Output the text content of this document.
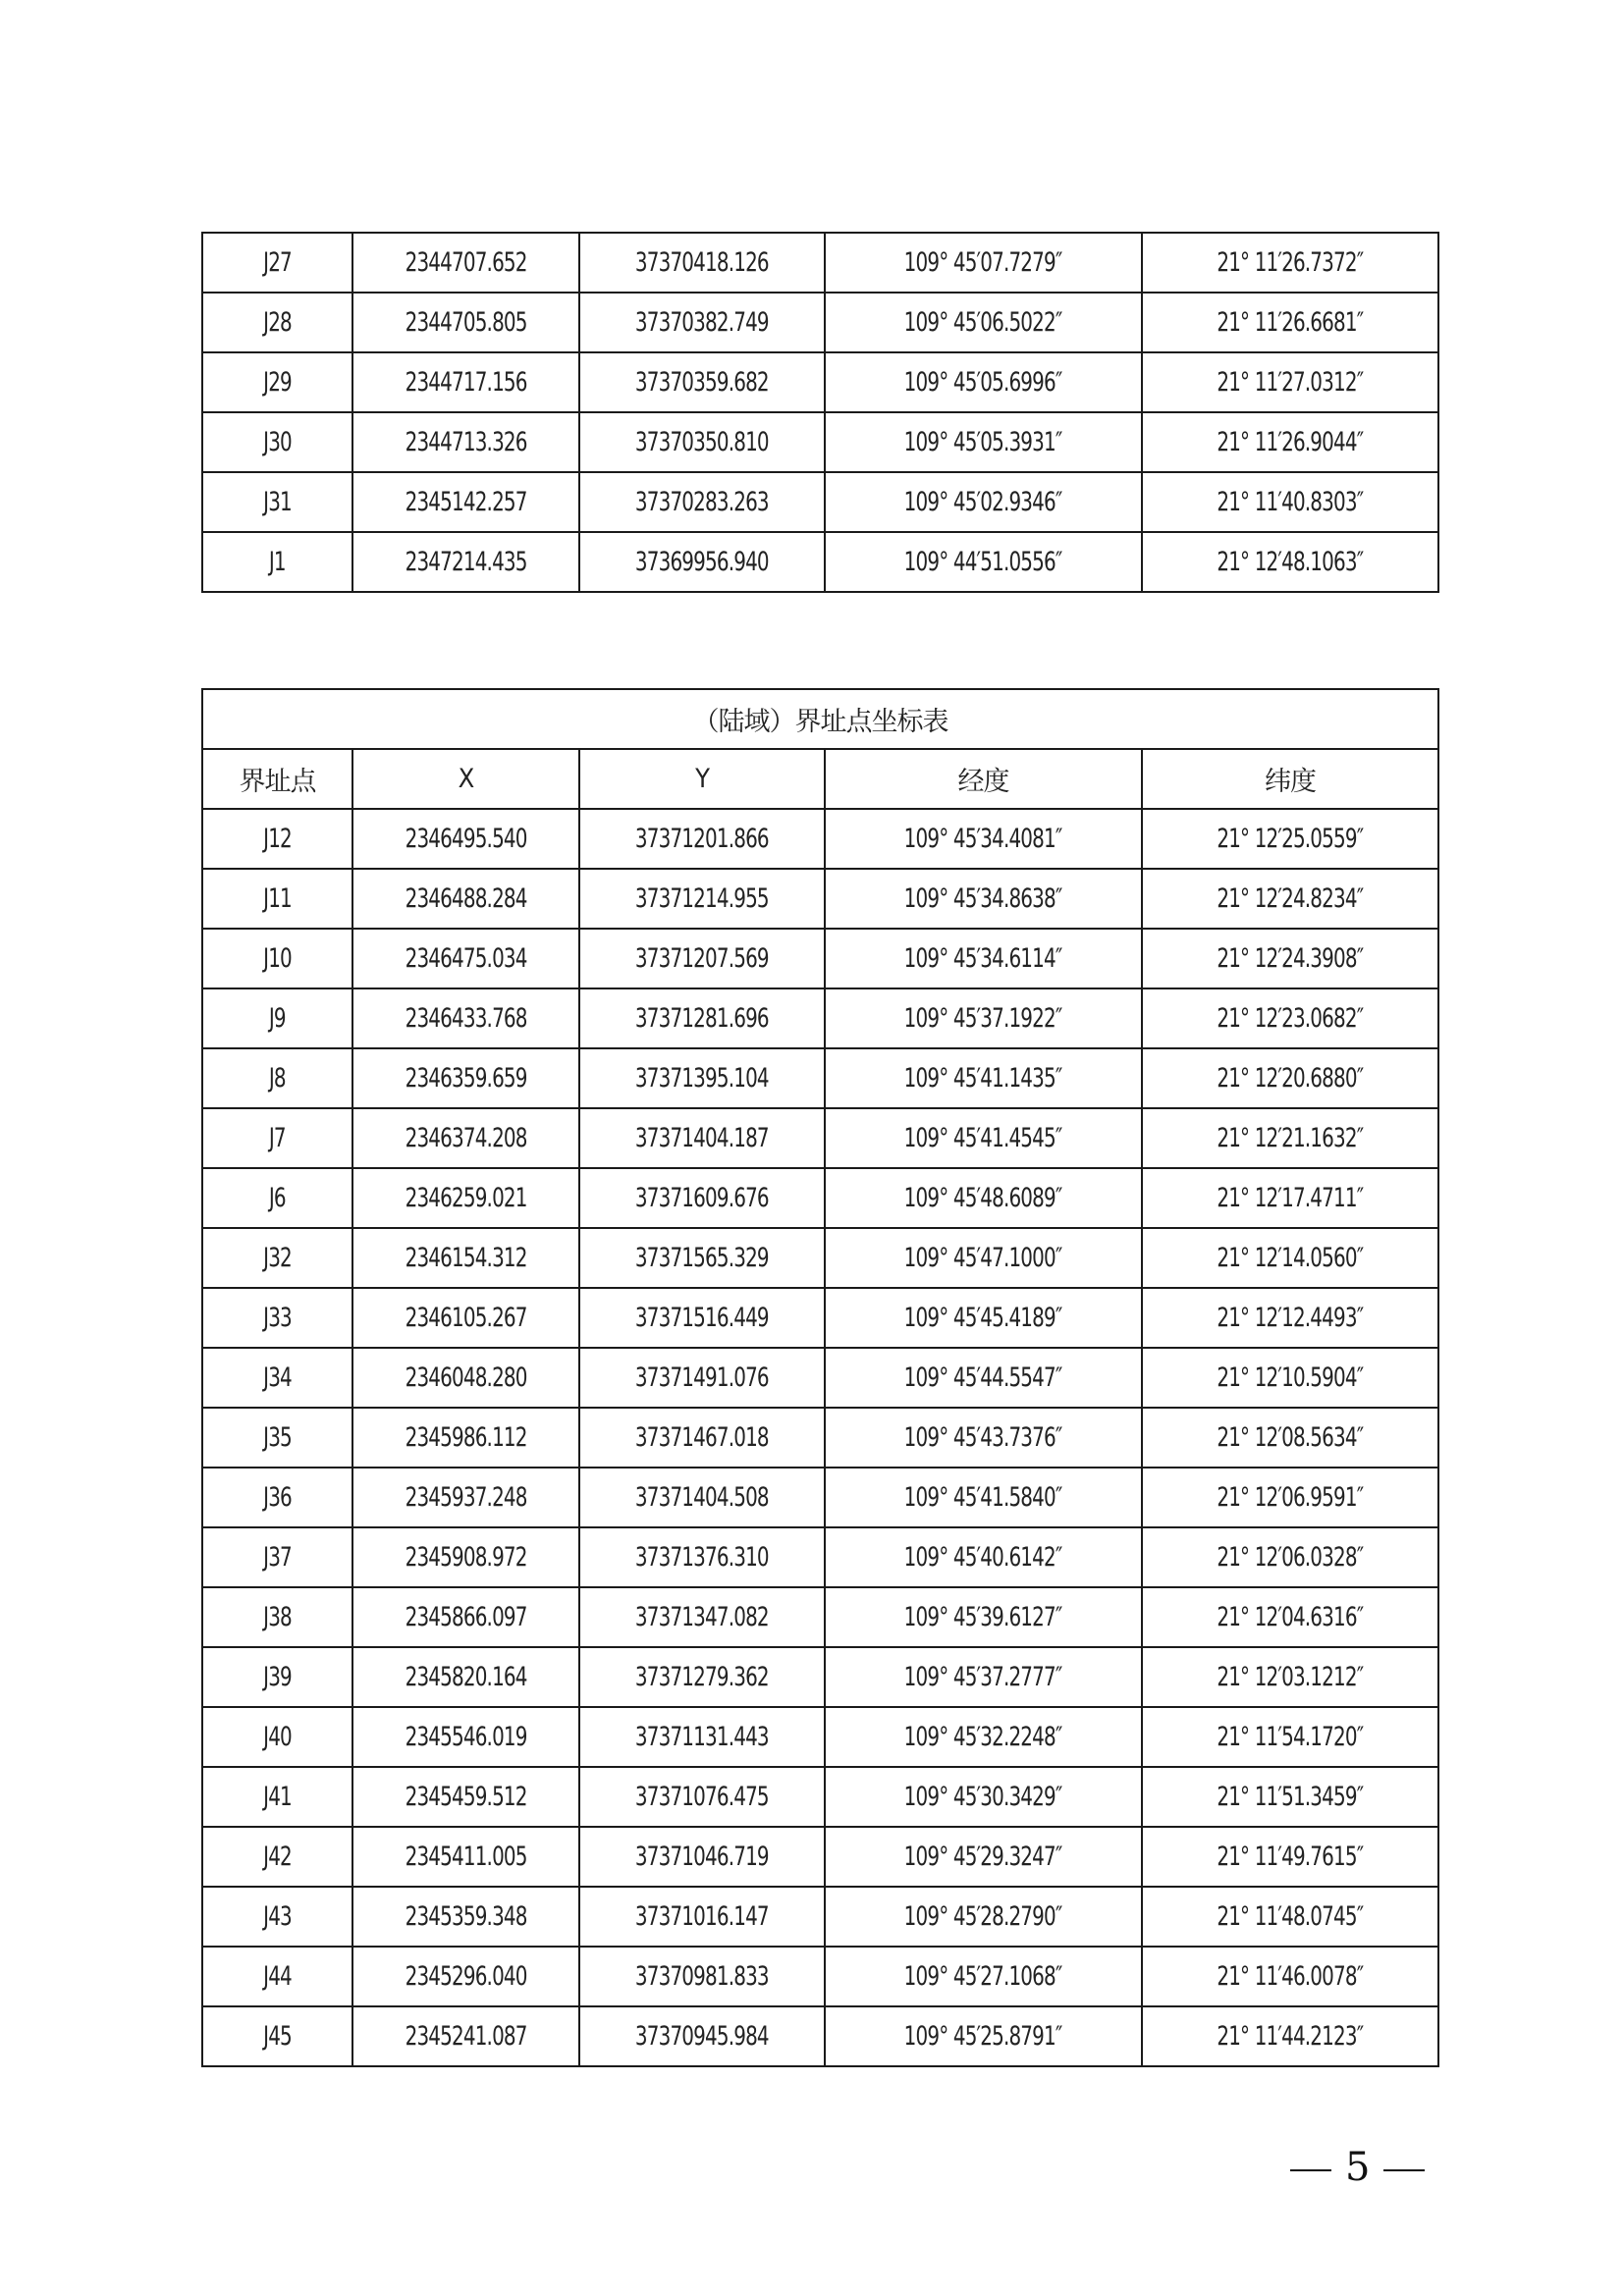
J27	2344707.652	37370418.126	109° 45′07.7279″	21° 11′26.7372″
J28	2344705.805	37370382.749	109° 45′06.5022″	21° 11′26.6681″
J29	2344717.156	37370359.682	109° 45′05.6996″	21° 11′27.0312″
J30	2344713.326	37370350.810	109° 45′05.3931″	21° 11′26.9044″
J31	2345142.257	37370283.263	109° 45′02.9346″	21° 11′40.8303″
J1	2347214.435	37369956.940	109° 44′51.0556″	21° 12′48.1063″
（陆域）界址点坐标表				
界址点	X	Y	经度	纬度
J12	2346495.540	37371201.866	109° 45′34.4081″	21° 12′25.0559″
J11	2346488.284	37371214.955	109° 45′34.8638″	21° 12′24.8234″
J10	2346475.034	37371207.569	109° 45′34.6114″	21° 12′24.3908″
J9	2346433.768	37371281.696	109° 45′37.1922″	21° 12′23.0682″
J8	2346359.659	37371395.104	109° 45′41.1435″	21° 12′20.6880″
J7	2346374.208	37371404.187	109° 45′41.4545″	21° 12′21.1632″
J6	2346259.021	37371609.676	109° 45′48.6089″	21° 12′17.4711″
J32	2346154.312	37371565.329	109° 45′47.1000″	21° 12′14.0560″
J33	2346105.267	37371516.449	109° 45′45.4189″	21° 12′12.4493″
J34	2346048.280	37371491.076	109° 45′44.5547″	21° 12′10.5904″
J35	2345986.112	37371467.018	109° 45′43.7376″	21° 12′08.5634″
J36	2345937.248	37371404.508	109° 45′41.5840″	21° 12′06.9591″
J37	2345908.972	37371376.310	109° 45′40.6142″	21° 12′06.0328″
J38	2345866.097	37371347.082	109° 45′39.6127″	21° 12′04.6316″
J39	2345820.164	37371279.362	109° 45′37.2777″	21° 12′03.1212″
J40	2345546.019	37371131.443	109° 45′32.2248″	21° 11′54.1720″
J41	2345459.512	37371076.475	109° 45′30.3429″	21° 11′51.3459″
J42	2345411.005	37371046.719	109° 45′29.3247″	21° 11′49.7615″
J43	2345359.348	37371016.147	109° 45′28.2790″	21° 11′48.0745″
J44	2345296.040	37370981.833	109° 45′27.1068″	21° 11′46.0078″
J45	2345241.087	37370945.984	109° 45′25.8791″	21° 11′44.2123″
5
